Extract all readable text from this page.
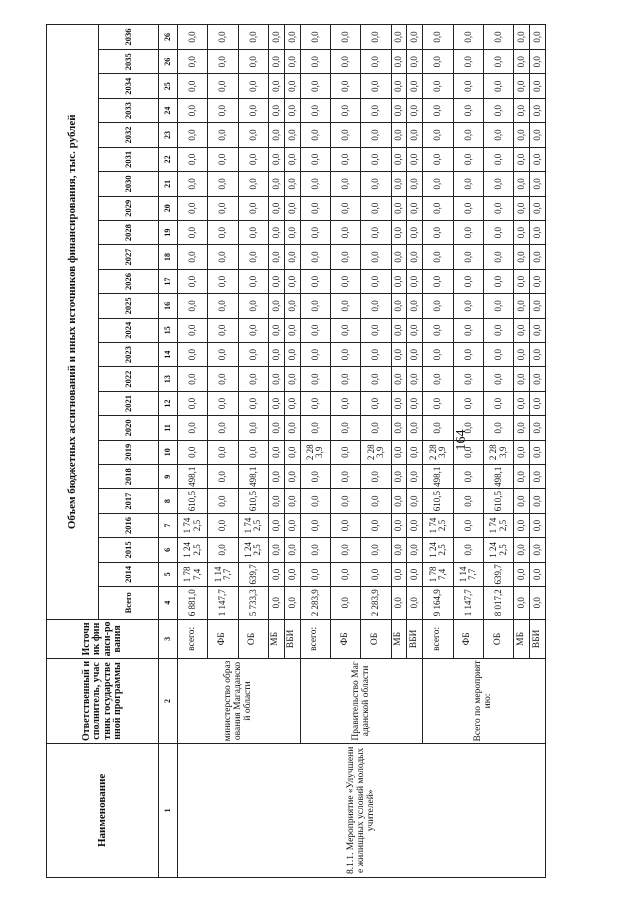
164
Наименование	Ответственный исполнитель, участник государственной программы	Источник финанси-рования	Объем бюджетных ассигнований и иных источников финансирования, тыс. рублей																							
			Всего	2014	2015	2016	2017	2018	2019	2020	2021	2022	2023	2024	2025	2026	2027	2028	2029	2030	2031	2032	2033	2034	2035	2036
1	2	3	4	5	6	7	8	9	10	11	12	13	14	15	16	17	18	19	20	21	22	23	24	25	26	26
8.1.1. Мероприятие «Улучшение жилищных условий молодых учителей»	министерство образования Магаданской области	всего:	6 881,0	1 787,4	1 242,5	1 742,5	610,5	498,1	0,0	0,0	0,0	0,0	0,0	0,0	0,0	0,0	0,0	0,0	0,0	0,0	0,0	0,0	0,0	0,0	0,0	0,0
		ФБ	1 147,7	1 147,7	0,0	0,0	0,0	0,0	0,0	0,0	0,0	0,0	0,0	0,0	0,0	0,0	0,0	0,0	0,0	0,0	0,0	0,0	0,0	0,0	0,0	0,0
		ОБ	5 733,3	639,7	1 242,5	1 742,5	610,5	498,1	0,0	0,0	0,0	0,0	0,0	0,0	0,0	0,0	0,0	0,0	0,0	0,0	0,0	0,0	0,0	0,0	0,0	0,0
		МБ	0,0	0,0	0,0	0,0	0,0	0,0	0,0	0,0	0,0	0,0	0,0	0,0	0,0	0,0	0,0	0,0	0,0	0,0	0,0	0,0	0,0	0,0	0,0	0,0
		ВБИ	0,0	0,0	0,0	0,0	0,0	0,0	0,0	0,0	0,0	0,0	0,0	0,0	0,0	0,0	0,0	0,0	0,0	0,0	0,0	0,0	0,0	0,0	0,0	0,0
	Правительство Магаданской области	всего:	2 283,9	0,0	0,0	0,0	0,0	0,0	2 283,9	0,0	0,0	0,0	0,0	0,0	0,0	0,0	0,0	0,0	0,0	0,0	0,0	0,0	0,0	0,0	0,0	0,0
		ФБ	0,0	0,0	0,0	0,0	0,0	0,0	0,0	0,0	0,0	0,0	0,0	0,0	0,0	0,0	0,0	0,0	0,0	0,0	0,0	0,0	0,0	0,0	0,0	0,0
		ОБ	2 283,9	0,0	0,0	0,0	0,0	0,0	2 283,9	0,0	0,0	0,0	0,0	0,0	0,0	0,0	0,0	0,0	0,0	0,0	0,0	0,0	0,0	0,0	0,0	0,0
		МБ	0,0	0,0	0,0	0,0	0,0	0,0	0,0	0,0	0,0	0,0	0,0	0,0	0,0	0,0	0,0	0,0	0,0	0,0	0,0	0,0	0,0	0,0	0,0	0,0
		ВБИ	0,0	0,0	0,0	0,0	0,0	0,0	0,0	0,0	0,0	0,0	0,0	0,0	0,0	0,0	0,0	0,0	0,0	0,0	0,0	0,0	0,0	0,0	0,0	0,0
	Всего по мероприятию:	всего:	9 164,9	1 787,4	1 242,5	1 742,5	610,5	498,1	2 283,9	0,0	0,0	0,0	0,0	0,0	0,0	0,0	0,0	0,0	0,0	0,0	0,0	0,0	0,0	0,0	0,0	0,0
		ФБ	1 147,7	1 147,7	0,0	0,0	0,0	0,0	0,0	0,0	0,0	0,0	0,0	0,0	0,0	0,0	0,0	0,0	0,0	0,0	0,0	0,0	0,0	0,0	0,0	0,0
		ОБ	8 017,2	639,7	1 242,5	1 742,5	610,5	498,1	2 283,9	0,0	0,0	0,0	0,0	0,0	0,0	0,0	0,0	0,0	0,0	0,0	0,0	0,0	0,0	0,0	0,0	0,0
		МБ	0,0	0,0	0,0	0,0	0,0	0,0	0,0	0,0	0,0	0,0	0,0	0,0	0,0	0,0	0,0	0,0	0,0	0,0	0,0	0,0	0,0	0,0	0,0	0,0
		ВБИ	0,0	0,0	0,0	0,0	0,0	0,0	0,0	0,0	0,0	0,0	0,0	0,0	0,0	0,0	0,0	0,0	0,0	0,0	0,0	0,0	0,0	0,0	0,0	0,0
